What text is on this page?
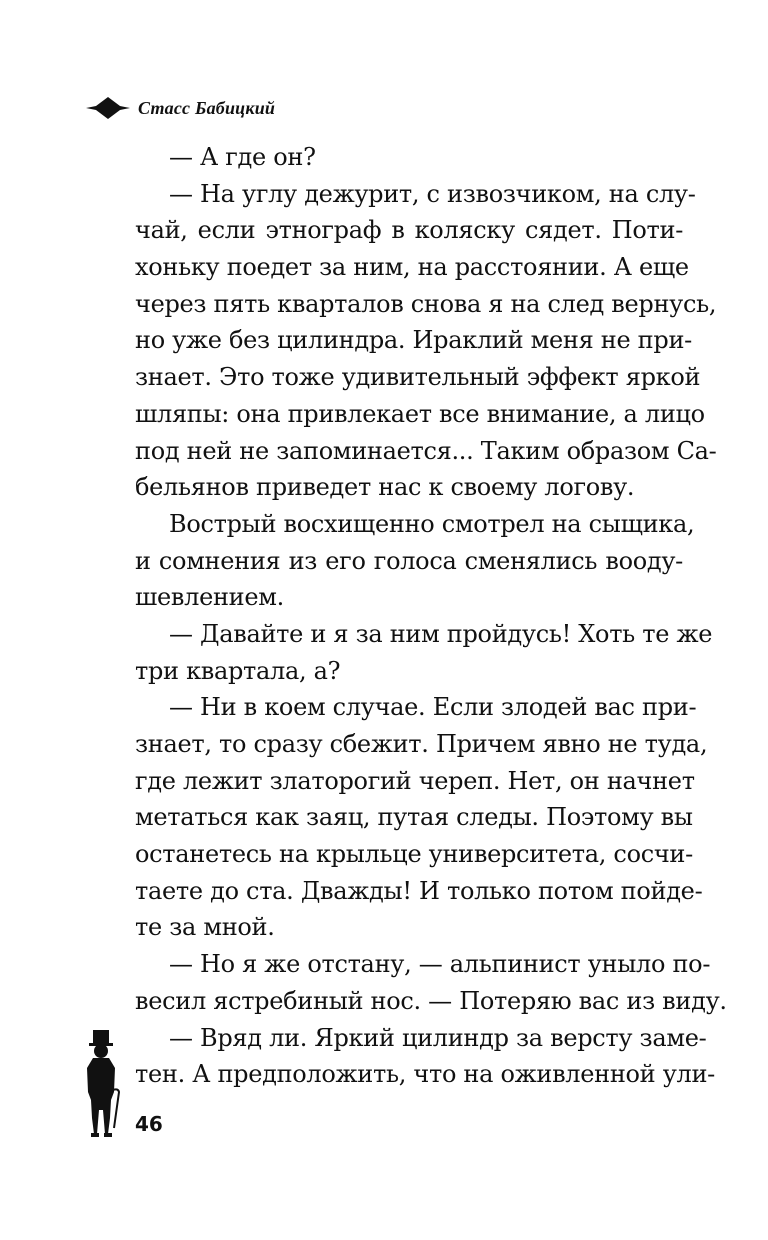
Стасс Бабицкий
— А где он?
— На углу дежурит, с извозчиком, на слу-
чай, если этнограф в коляску сядет. Поти-
хоньку поедет за ним, на расстоянии. А еще
через пять кварталов снова я на след вернусь,
но уже без цилиндра. Ираклий меня не при-
знает. Это тоже удивительный эффект яркой
шляпы: она привлекает все внимание, а лицо
под ней не запоминается... Таким образом Са-
бельянов приведет нас к своему логову.
Вострый восхищенно смотрел на сыщика,
и сомнения из его голоса сменялись вооду-
шевлением.
— Давайте и я за ним пройдусь! Хоть те же
три квартала, а?
— Ни в коем случае. Если злодей вас при-
знает, то сразу сбежит. Причем явно не туда,
где лежит златорогий череп. Нет, он начнет
метаться как заяц, путая следы. Поэтому вы
останетесь на крыльце университета, сосчи-
таете до ста. Дважды! И только потом пойде-
те за мной.
— Но я же отстану, — альпинист уныло по-
весил ястребиный нос. — Потеряю вас из виду.
— Вряд ли. Яркий цилиндр за версту заме-
тен. А предположить, что на оживленной ули-
46
